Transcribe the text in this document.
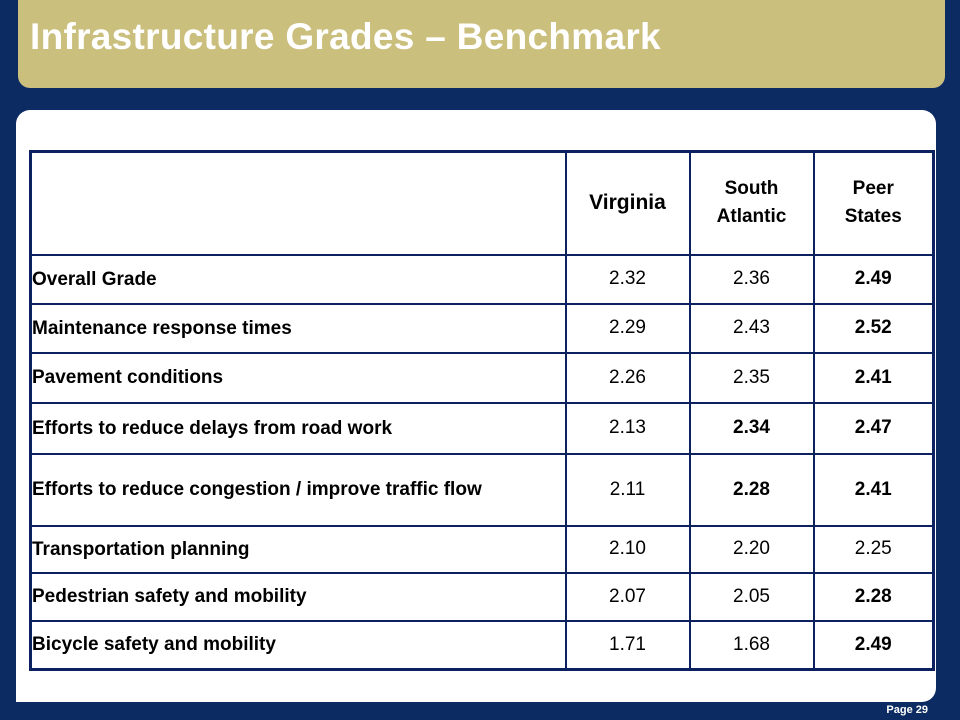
Infrastructure Grades – Benchmark
	Virginia	South Atlantic	Peer States
Overall Grade	2.32	2.36	2.49
Maintenance response times	2.29	2.43	2.52
Pavement conditions	2.26	2.35	2.41
Efforts to reduce delays from road work	2.13	2.34	2.47
Efforts to reduce congestion / improve traffic flow	2.11	2.28	2.41
Transportation planning	2.10	2.20	2.25
Pedestrian safety and mobility	2.07	2.05	2.28
Bicycle safety and mobility	1.71	1.68	2.49
Page 29
